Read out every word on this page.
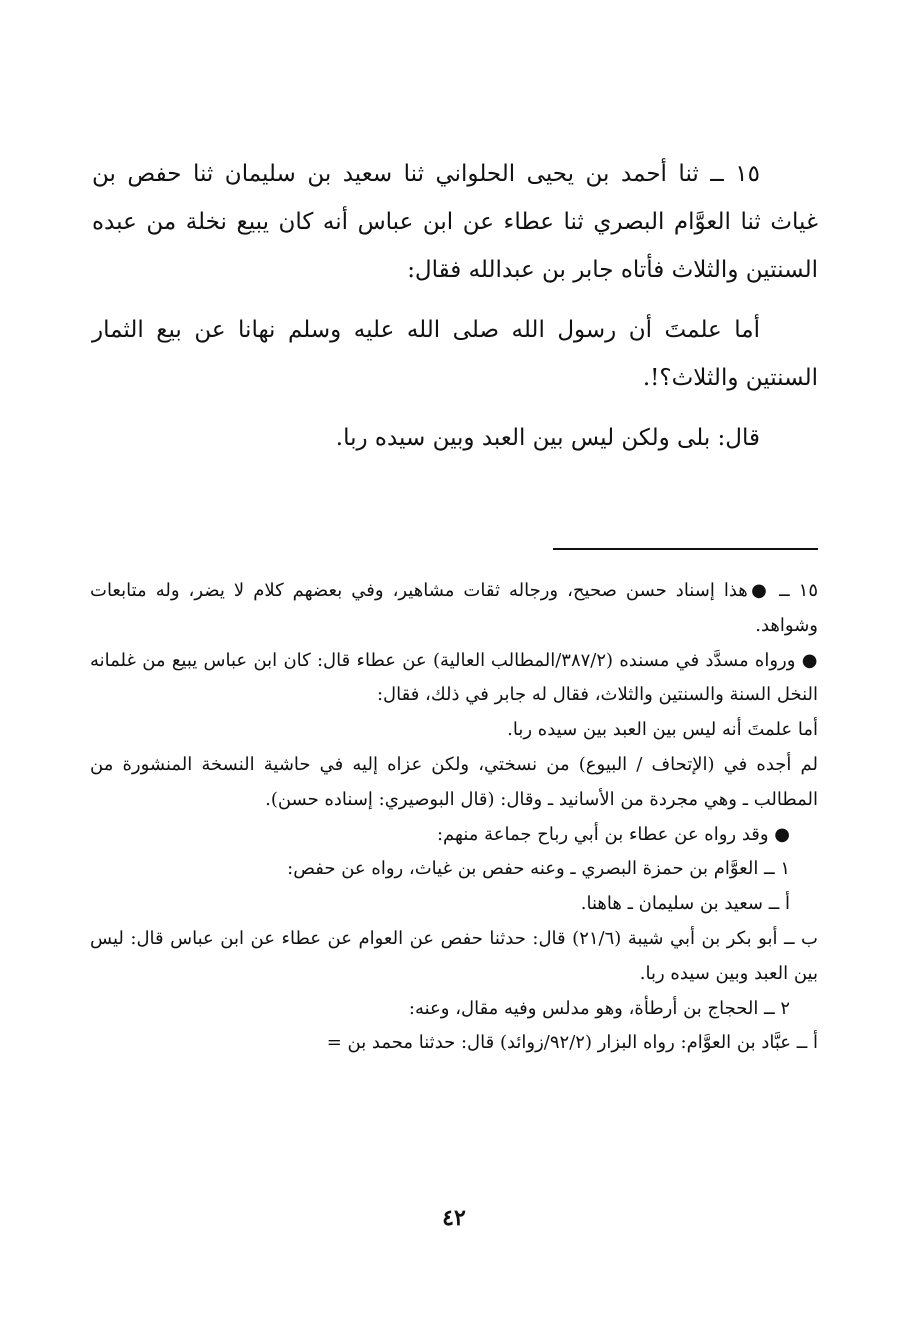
١٥ ــ ثنا أحمد بن يحيى الحلواني ثنا سعيد بن سليمان ثنا حفص بن غياث ثنا العوَّام البصري ثنا عطاء عن ابن عباس أنه كان يبيع نخلة من عبده السنتين والثلاث فأتاه جابر بن عبدالله فقال:

أما علمتَ أن رسول الله صلى الله عليه وسلم نهانا عن بيع الثمار السنتين والثلاث؟!.

قال: بلى ولكن ليس بين العبد وبين سيده ربا.

١٥ ــ ●هذا إسناد حسن صحيح، ورجاله ثقات مشاهير، وفي بعضهم كلام لا يضر، وله متابعات وشواهد.

● ورواه مسدَّد في مسنده (٣٨٧/٢/المطالب العالية) عن عطاء قال: كان ابن عباس يبيع من غلمانه النخل السنة والسنتين والثلاث، فقال له جابر في ذلك، فقال:

أما علمتَ أنه ليس بين العبد بين سيده ربا.

لم أجده في (الإتحاف / البيوع) من نسختي، ولكن عزاه إليه في حاشية النسخة المنشورة من المطالب ـ وهي مجردة من الأسانيد ـ وقال: (قال البوصيري: إسناده حسن).

● وقد رواه عن عطاء بن أبي رباح جماعة منهم:

١ ــ العوَّام بن حمزة البصري ـ وعنه حفص بن غياث، رواه عن حفص:

أ ــ سعيد بن سليمان ـ هاهنا.

ب ــ أبو بكر بن أبي شيبة (٢١/٦) قال: حدثنا حفص عن العوام عن عطاء عن ابن عباس قال: ليس بين العبد وبين سيده ربا.

٢ ــ الحجاج بن أرطأة، وهو مدلس وفيه مقال، وعنه:

أ ــ عبَّاد بن العوَّام: رواه البزار (٩٢/٢/زوائد) قال: حدثنا محمد بن =

٤٢
